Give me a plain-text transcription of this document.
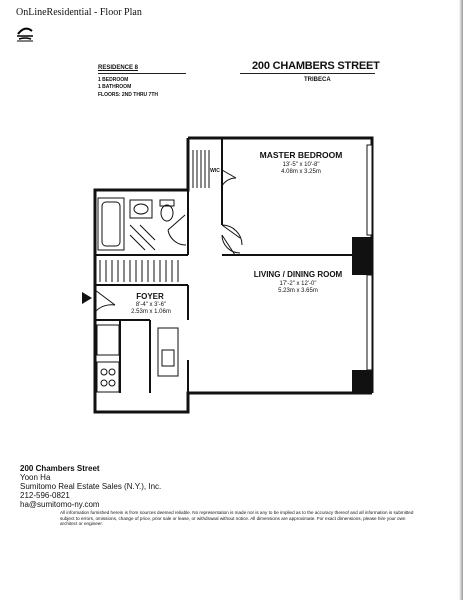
OnLineResidential - Floor Plan
RESIDENCE 8
1 BEDROOM
1 BATHROOM
FLOORS: 2ND THRU 7TH
200 CHAMBERS STREET
TRIBECA
MASTER BEDROOM
13'-5" x 10'-8"
4.08m x 3.25m
WIC
LIVING / DINING ROOM
17'-2" x 12'-0"
5.23m x 3.65m
FOYER
8'-4" x 3'-6"
2.53m x 1.06m
200 Chambers Street
Yoon Ha
Sumitomo Real Estate Sales (N.Y.), Inc.
212-596-0821
ha@sumitomo-ny.com
All information furnished herein is from sources deemed reliable. No representation is made nor is any to be implied as to the accuracy thereof and all information is submitted subject to errors, omissions, change of price, prior sale or lease, or withdrawal without notice. All dimensions are approximate. For exact dimensions, please hire your own architect or engineer.
